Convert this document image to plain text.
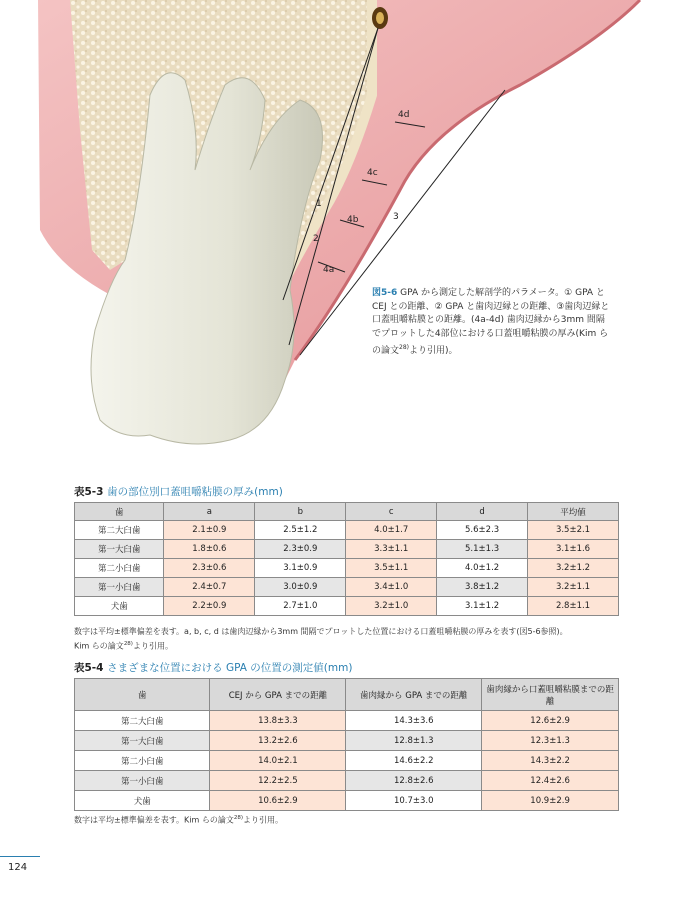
1
2
3
4a
4b
4c
4d
図5-6 GPA から測定した解剖学的パラメータ。① GPA と CEJ との距離、② GPA と歯肉辺縁との距離、③歯肉辺縁と口蓋咀嚼粘膜との距離。(4a-4d) 歯肉辺縁から3mm 間隔でプロットした4部位における口蓋咀嚼粘膜の厚み(Kim らの論文$^{28)}$より引用)。
表5-3 歯の部位別口蓋咀嚼粘膜の厚み(mm)
歯	a	b	c	d	平均値
第二大臼歯	2.1±0.9	2.5±1.2	4.0±1.7	5.6±2.3	3.5±2.1
第一大臼歯	1.8±0.6	2.3±0.9	3.3±1.1	5.1±1.3	3.1±1.6
第二小臼歯	2.3±0.6	3.1±0.9	3.5±1.1	4.0±1.2	3.2±1.2
第一小臼歯	2.4±0.7	3.0±0.9	3.4±1.0	3.8±1.2	3.2±1.1
犬歯	2.2±0.9	2.7±1.0	3.2±1.0	3.1±1.2	2.8±1.1
数字は平均±標準偏差を表す。a, b, c, d は歯肉辺縁から3mm 間隔でプロットした位置における口蓋咀嚼粘膜の厚みを表す(図5-6参照)。
Kim らの論文$^{28)}$より引用。
表5-4 さまざまな位置における GPA の位置の測定値(mm)
歯	CEJ から GPA までの距離	歯肉縁から GPA までの距離	歯肉縁から口蓋咀嚼粘膜までの距離
第二大臼歯	13.8±3.3	14.3±3.6	12.6±2.9
第一大臼歯	13.2±2.6	12.8±1.3	12.3±1.3
第二小臼歯	14.0±2.1	14.6±2.2	14.3±2.2
第一小臼歯	12.2±2.5	12.8±2.6	12.4±2.6
犬歯	10.6±2.9	10.7±3.0	10.9±2.9
数字は平均±標準偏差を表す。Kim らの論文$^{28)}$より引用。
124
